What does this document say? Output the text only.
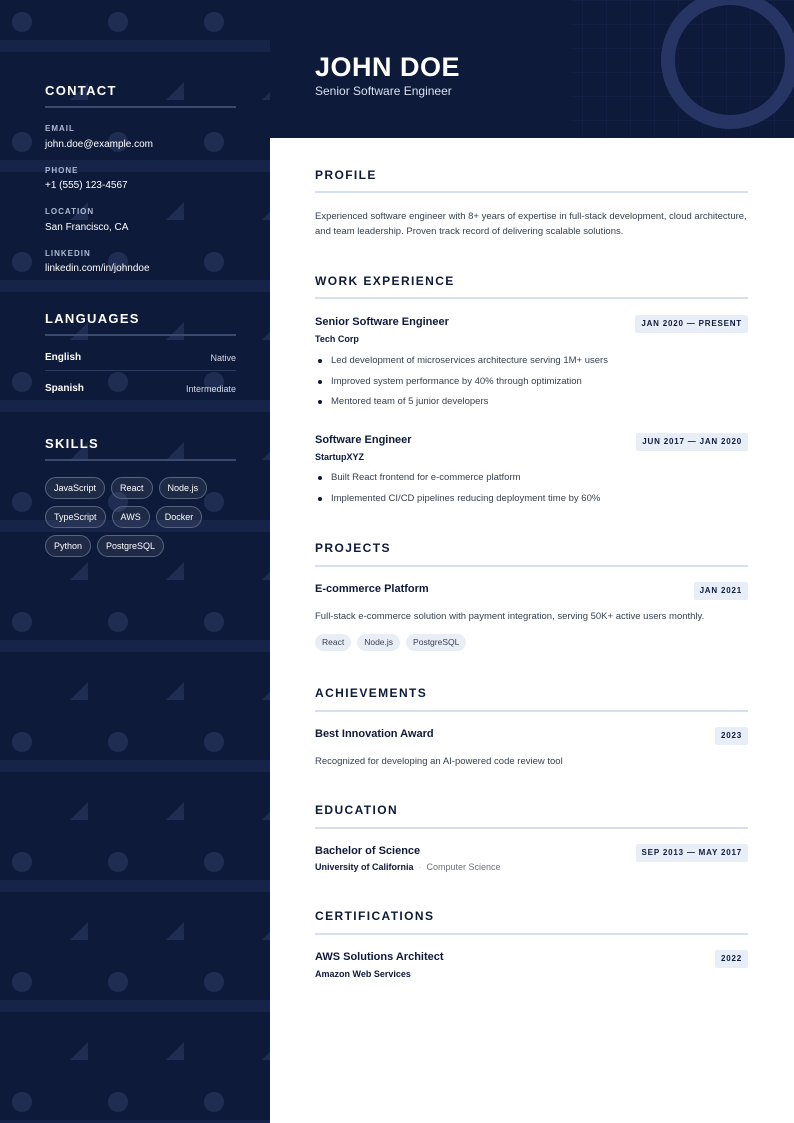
CONTACT
EMAIL
john.doe@example.com
PHONE
+1 (555) 123-4567
LOCATION
San Francisco, CA
LINKEDIN
linkedin.com/in/johndoe
LANGUAGES
English	Native
Spanish	Intermediate
SKILLS
JavaScript	React	Node.js
TypeScript	AWS	Docker
Python	PostgreSQL
JOHN DOE
Senior Software Engineer
PROFILE
Experienced software engineer with 8+ years of expertise in full-stack development, cloud architecture, and team leadership. Proven track record of delivering scalable solutions.
WORK EXPERIENCE
Senior Software Engineer	JAN 2020 — PRESENT
Tech Corp
Led development of microservices architecture serving 1M+ users
Improved system performance by 40% through optimization
Mentored team of 5 junior developers
Software Engineer	JUN 2017 — JAN 2020
StartupXYZ
Built React frontend for e-commerce platform
Implemented CI/CD pipelines reducing deployment time by 60%
PROJECTS
E-commerce Platform	JAN 2021
Full-stack e-commerce solution with payment integration, serving 50K+ active users monthly.
React	Node.js	PostgreSQL
ACHIEVEMENTS
Best Innovation Award	2023
Recognized for developing an AI-powered code review tool
EDUCATION
Bachelor of Science	SEP 2013 — MAY 2017
University of California · Computer Science
CERTIFICATIONS
AWS Solutions Architect	2022
Amazon Web Services
